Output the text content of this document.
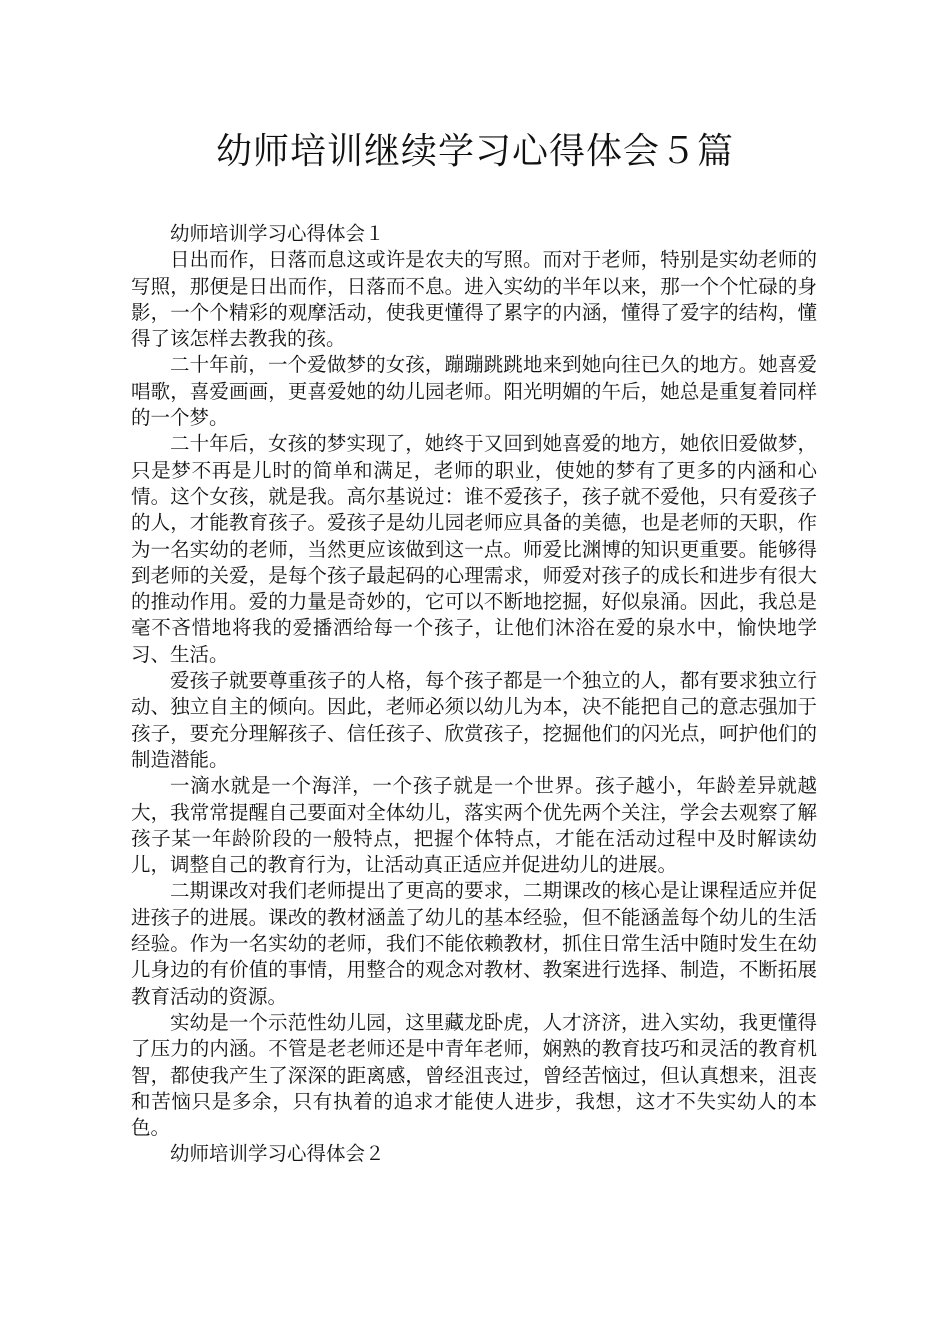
幼师培训继续学习心得体会５篇

幼师培训学习心得体会１

日出而作，日落而息这或许是农夫的写照。而对于老师，特别是实幼老师的写照，那便是日出而作，日落而不息。进入实幼的半年以来，那一个个忙碌的身影，一个个精彩的观摩活动，使我更懂得了累字的内涵，懂得了爱字的结构，懂得了该怎样去教我的孩。

二十年前，一个爱做梦的女孩，蹦蹦跳跳地来到她向往已久的地方。她喜爱唱歌，喜爱画画，更喜爱她的幼儿园老师。阳光明媚的午后，她总是重复着同样的一个梦。

二十年后，女孩的梦实现了，她终于又回到她喜爱的地方，她依旧爱做梦，只是梦不再是儿时的简单和满足，老师的职业，使她的梦有了更多的内涵和心情。这个女孩，就是我。高尔基说过：谁不爱孩子，孩子就不爱他，只有爱孩子的人，才能教育孩子。爱孩子是幼儿园老师应具备的美德，也是老师的天职，作为一名实幼的老师，当然更应该做到这一点。师爱比渊博的知识更重要。能够得到老师的关爱，是每个孩子最起码的心理需求，师爱对孩子的成长和进步有很大的推动作用。爱的力量是奇妙的，它可以不断地挖掘，好似泉涌。因此，我总是毫不吝惜地将我的爱播洒给每一个孩子，让他们沐浴在爱的泉水中，愉快地学习、生活。

爱孩子就要尊重孩子的人格，每个孩子都是一个独立的人，都有要求独立行动、独立自主的倾向。因此，老师必须以幼儿为本，决不能把自己的意志强加于孩子，要充分理解孩子、信任孩子、欣赏孩子，挖掘他们的闪光点，呵护他们的制造潜能。

一滴水就是一个海洋，一个孩子就是一个世界。孩子越小，年龄差异就越大，我常常提醒自己要面对全体幼儿，落实两个优先两个关注，学会去观察了解孩子某一年龄阶段的一般特点，把握个体特点，才能在活动过程中及时解读幼儿，调整自己的教育行为，让活动真正适应并促进幼儿的进展。

二期课改对我们老师提出了更高的要求，二期课改的核心是让课程适应并促进孩子的进展。课改的教材涵盖了幼儿的基本经验，但不能涵盖每个幼儿的生活经验。作为一名实幼的老师，我们不能依赖教材，抓住日常生活中随时发生在幼儿身边的有价值的事情，用整合的观念对教材、教案进行选择、制造，不断拓展教育活动的资源。

实幼是一个示范性幼儿园，这里藏龙卧虎，人才济济，进入实幼，我更懂得了压力的内涵。不管是老老师还是中青年老师，娴熟的教育技巧和灵活的教育机智，都使我产生了深深的距离感，曾经沮丧过，曾经苦恼过，但认真想来，沮丧和苦恼只是多余，只有执着的追求才能使人进步，我想，这才不失实幼人的本色。

幼师培训学习心得体会２
